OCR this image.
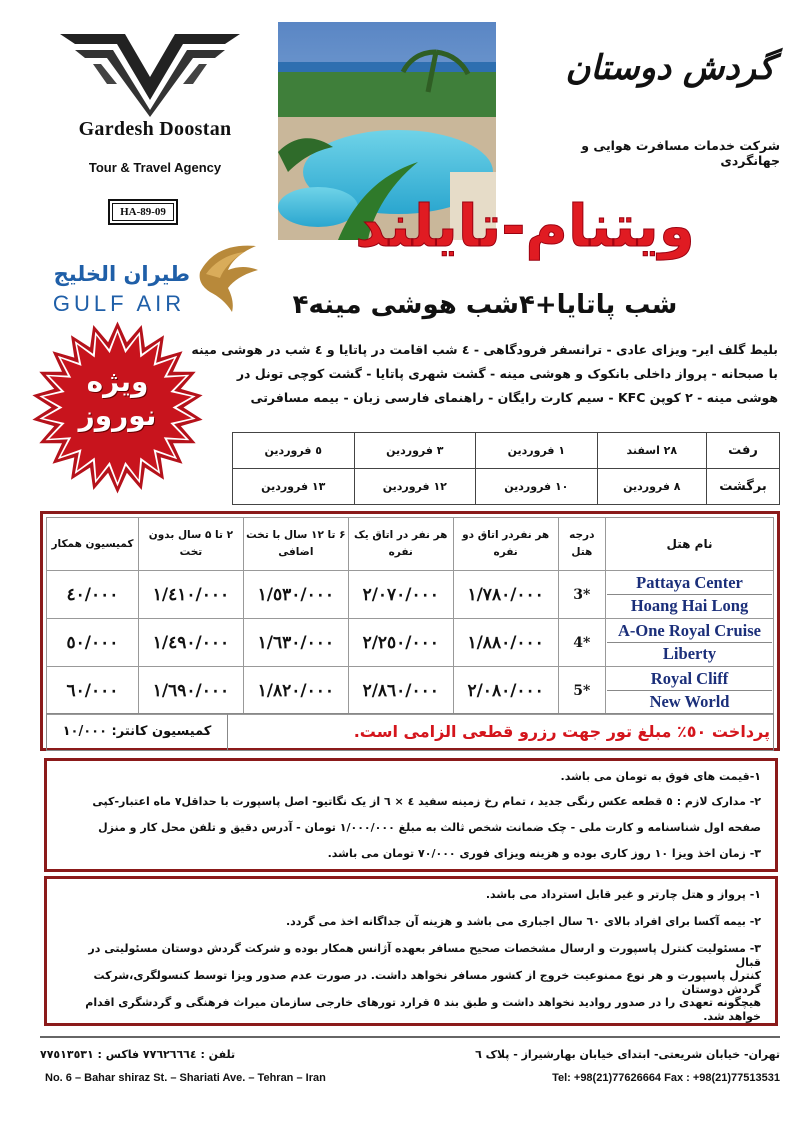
Gardesh Doostan
Tour & Travel Agency
HA-89-09
طيران الخليج
GULF AIR
گردش دوستان
شرکت خدمات مسافرت هوایی و جهانگردی
ویتنام-تایلند
۴شب پاتایا+۴شب هوشی مینه
ویژه
نوروز
بلیط گلف ایر- ویزای عادی - ترانسفر فرودگاهی - ٤ شب اقامت در پاتایا و ٤ شب در هوشی مینه
با صبحانه - پرواز داخلی بانکوک و هوشی مینه - گشت شهری پاتایا - گشت کوچی تونل در
هوشی مینه - ٢ کوپن KFC - سیم کارت رایگان - راهنمای فارسی زبان - بیمه مسافرتی
٥ فروردین	٣ فروردین	١ فروردین	٢٨ اسفند	رفت
١٣ فروردین	١٢ فروردین	١٠ فروردین	٨ فروردین	برگشت
کمیسیون همکار	۲ تا ۵ سال بدون تخت	۶ تا ۱۲ سال با تخت اضافی	هر نفر در اتاق یک نفره	هر نفردر اتاق دو نفره	درجه هتل	نام هتل
٤٠/٠٠٠	١/٤١٠/٠٠٠	١/٥٣٠/٠٠٠	٢/٠٧٠/٠٠٠	١/٧٨٠/٠٠٠	3*	Pattaya Center
Hoang Hai Long

٥٠/٠٠٠	١/٤٩٠/٠٠٠	١/٦٣٠/٠٠٠	٢/٢٥٠/٠٠٠	١/٨٨٠/٠٠٠	4*	A-One Royal Cruise
Liberty

٦٠/٠٠٠	١/٦٩٠/٠٠٠	١/٨٢٠/٠٠٠	٢/٨٦٠/٠٠٠	٢/٠٨٠/٠٠٠	5*	Royal Cliff
New World
کمیسیون کانتر: ١٠/٠٠٠	پرداخت ٥٠٪ مبلغ تور جهت رزرو قطعی الزامی است.
١-قیمت های فوق به تومان می باشد.
٢- مدارک لازم : ٥ قطعه عکس رنگی جدید ، تمام رخ زمینه سفید ٤ × ٦ از یک نگاتیو- اصل پاسپورت با حداقل٧ ماه اعتبار-کپی
صفحه اول شناسنامه و کارت ملی - چک ضمانت شخص ثالث به مبلغ ١/٠٠٠/٠٠٠ تومان - آدرس دقیق و تلفن محل کار و منزل
٣- زمان اخذ ویزا ١٠ روز کاری بوده و هزینه ویزای فوری ٧٠/٠٠٠ تومان می باشد.
١- پرواز و هتل چارتر و غیر قابل استرداد می باشد.
٢- بیمه آکسا برای افراد بالای ٦٠ سال اجباری می باشد و هزینه آن جداگانه اخذ می گردد.
٣- مسئولیت کنترل پاسپورت و ارسال مشخصات صحیح مسافر بعهده آژانس همکار بوده و شرکت گردش دوستان مسئولیتی در قبال
کنترل پاسپورت و هر نوع ممنوعیت خروج از کشور مسافر نخواهد داشت. در صورت عدم صدور ویزا توسط کنسولگری،شرکت گردش دوستان
هیچگونه تعهدی را در صدور روادید نخواهد داشت و طبق بند ٥ قرارد تورهای خارجی سازمان میراث فرهنگی و گردشگری اقدام خواهد شد.
تهران- خیابان شریعتی- ابتدای خیابان بهارشیراز - پلاک ٦
تلفن : ٧٧٦٢٦٦٦٤ فاکس : ٧٧٥١٣٥٣١
No. 6 – Bahar shiraz St. – Shariati Ave. – Tehran – Iran	Tel: +98(21)77626664 Fax : +98(21)77513531
